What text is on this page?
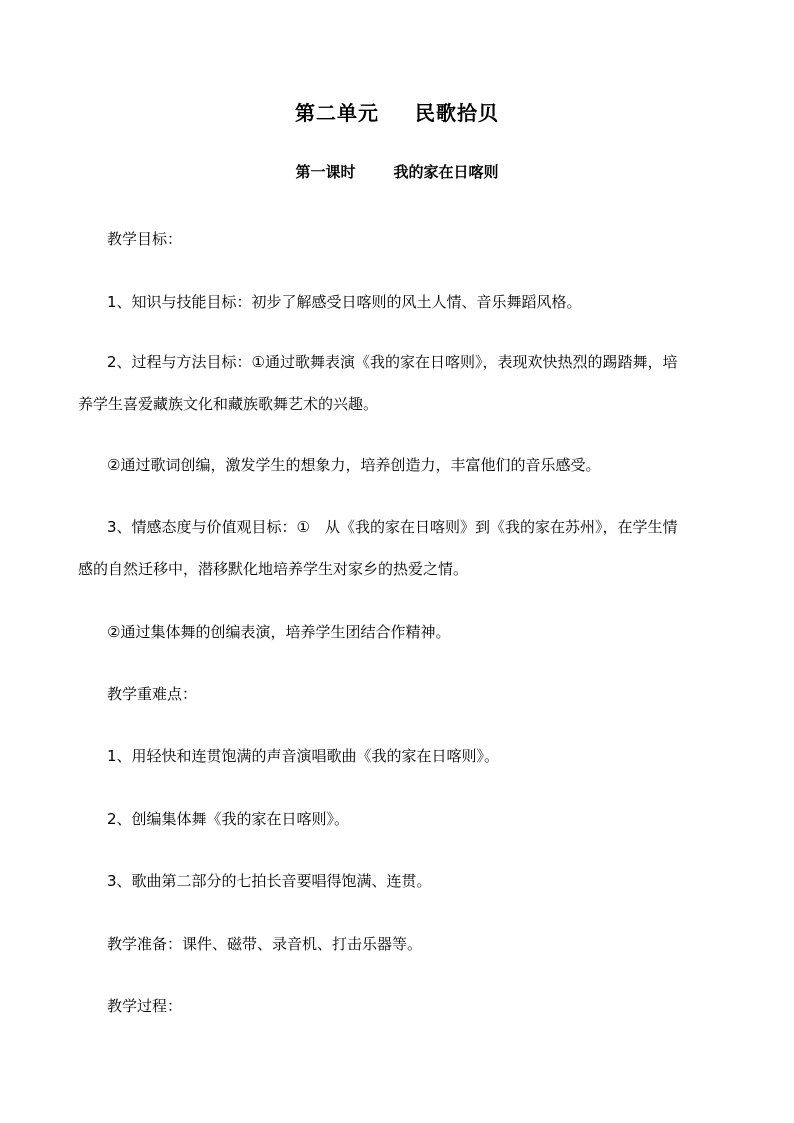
第二单元 民歌拾贝
第一课时	我的家在日喀则
教学目标：
1、知识与技能目标：初步了解感受日喀则的风土人情、音乐舞蹈风格。
2、过程与方法目标：①通过歌舞表演《我的家在日喀则》，表现欢快热烈的踢踏舞，培
养学生喜爱藏族文化和藏族歌舞艺术的兴趣。
②通过歌词创编，激发学生的想象力，培养创造力，丰富他们的音乐感受。
3、情感态度与价值观目标：①　从《我的家在日喀则》到《我的家在苏州》，在学生情
感的自然迁移中，潜移默化地培养学生对家乡的热爱之情。
②通过集体舞的创编表演，培养学生团结合作精神。
教学重难点：
1、用轻快和连贯饱满的声音演唱歌曲《我的家在日喀则》。
2、创编集体舞《我的家在日喀则》。
3、歌曲第二部分的七拍长音要唱得饱满、连贯。
教学准备：课件、磁带、录音机、打击乐器等。
教学过程：
